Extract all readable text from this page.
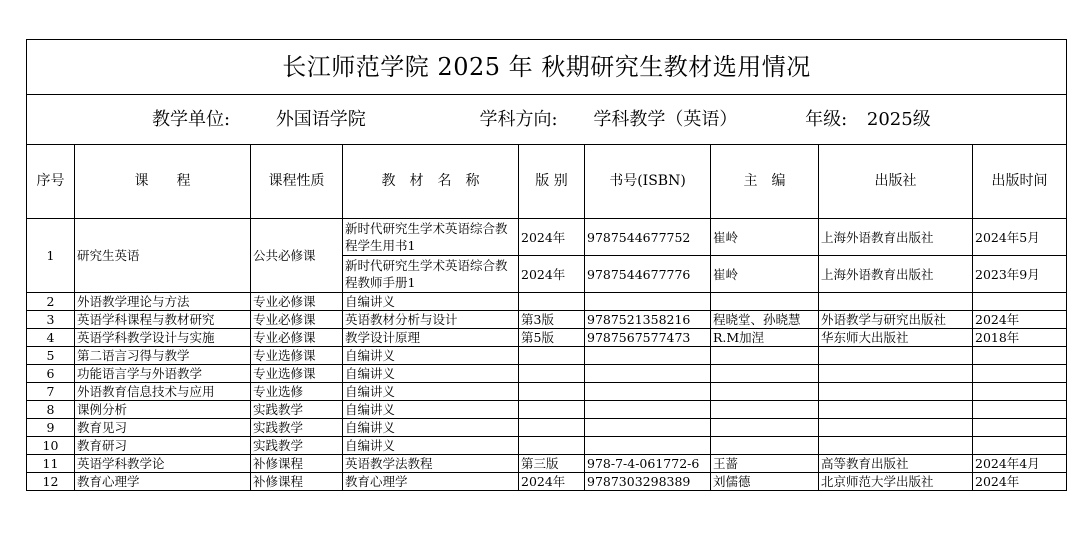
长江师范学院 2025 年 秋期研究生教材选用情况								
教学单位: 外国语学院 学科方向: 学科教学（英语） 年级: 2025级								
序号	课　　程	课程性质	教　材　名　称	版 别	书号(ISBN)	主　编	出版社	出版时间
1	研究生英语	公共必修课	新时代研究生学术英语综合教程学生用书1	2024年	9787544677752	崔岭	上海外语教育出版社	2024年5月
			新时代研究生学术英语综合教程教师手册1	2024年	9787544677776	崔岭	上海外语教育出版社	2023年9月
2	外语教学理论与方法	专业必修课	自编讲义					
3	英语学科课程与教材研究	专业必修课	英语教材分析与设计	第3版	9787521358216	程晓堂、孙晓慧	外语教学与研究出版社	2024年
4	英语学科教学设计与实施	专业必修课	教学设计原理	第5版	9787567577473	R.M加涅	华东师大出版社	2018年
5	第二语言习得与教学	专业选修课	自编讲义					
6	功能语言学与外语教学	专业选修课	自编讲义					
7	外语教育信息技术与应用	专业选修	自编讲义					
8	课例分析	实践教学	自编讲义					
9	教育见习	实践教学	自编讲义					
10	教育研习	实践教学	自编讲义					
11	英语学科教学论	补修课程	英语教学法教程	第三版	978-7-4-061772-6	王蔷	高等教育出版社	2024年4月
12	教育心理学	补修课程	教育心理学	2024年	9787303298389	刘儒德	北京师范大学出版社	2024年
